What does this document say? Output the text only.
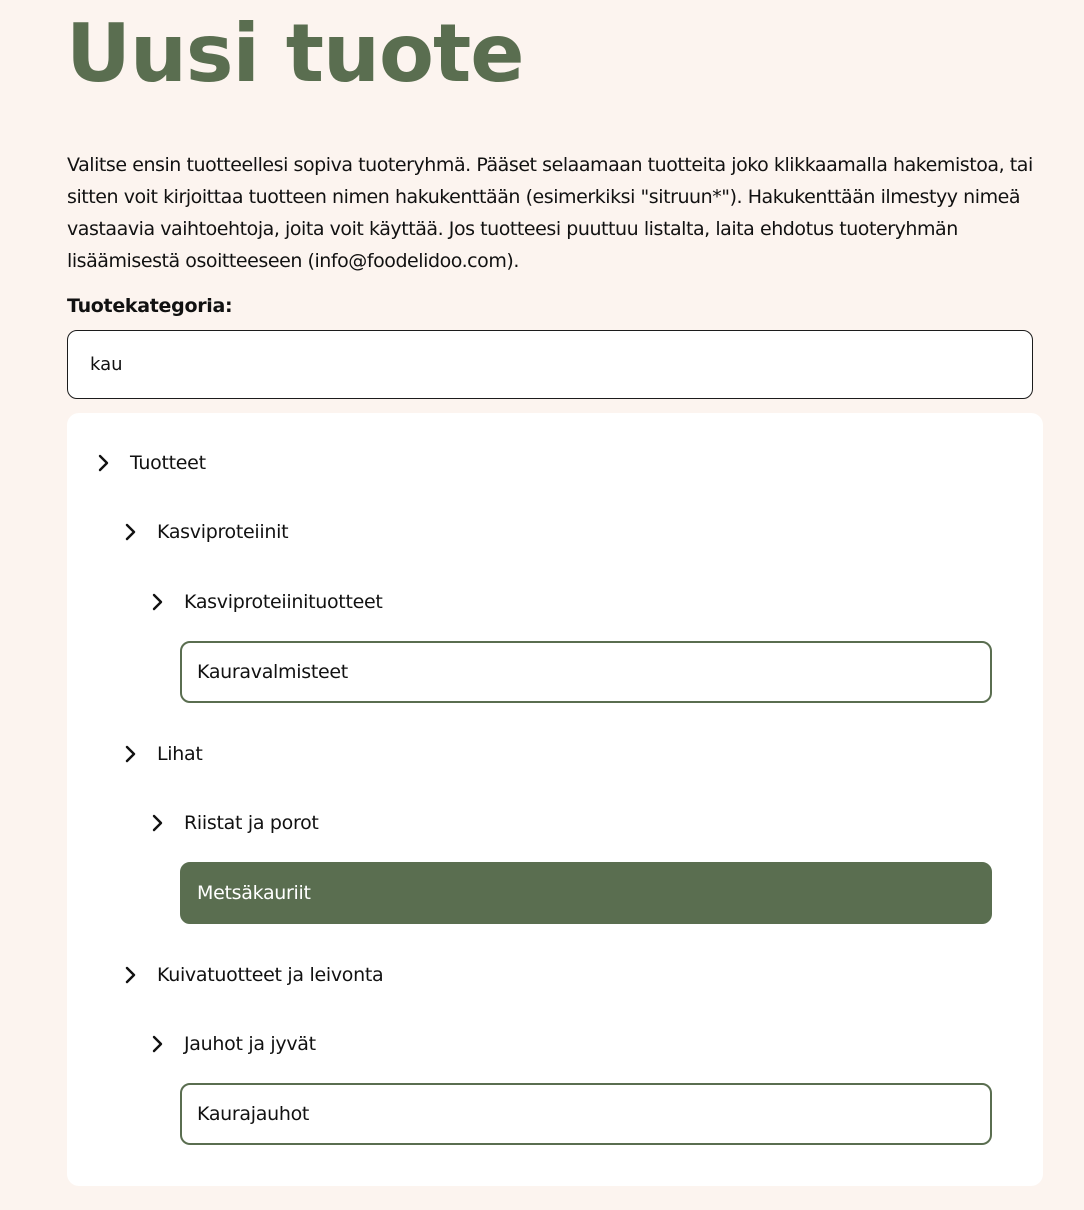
Uusi tuote

Valitse ensin tuotteellesi sopiva tuoteryhmä. Pääset selaamaan tuotteita joko klikkaamalla hakemistoa, tai sitten voit kirjoittaa tuotteen nimen hakukenttään (esimerkiksi "sitruun*"). Hakukenttään ilmestyy nimeä vastaavia vaihtoehtoja, joita voit käyttää. Jos tuotteesi puuttuu listalta, laita ehdotus tuoteryhmän lisäämisestä osoitteeseen (info@foodelidoo.com).

Tuotekategoria:
kau
Tuotteet
Kasviproteiinit
Kasviproteiinituotteet
Kauravalmisteet
Lihat
Riistat ja porot
Metsäkauriit
Kuivatuotteet ja leivonta
Jauhot ja jyvät
Kaurajauhot
